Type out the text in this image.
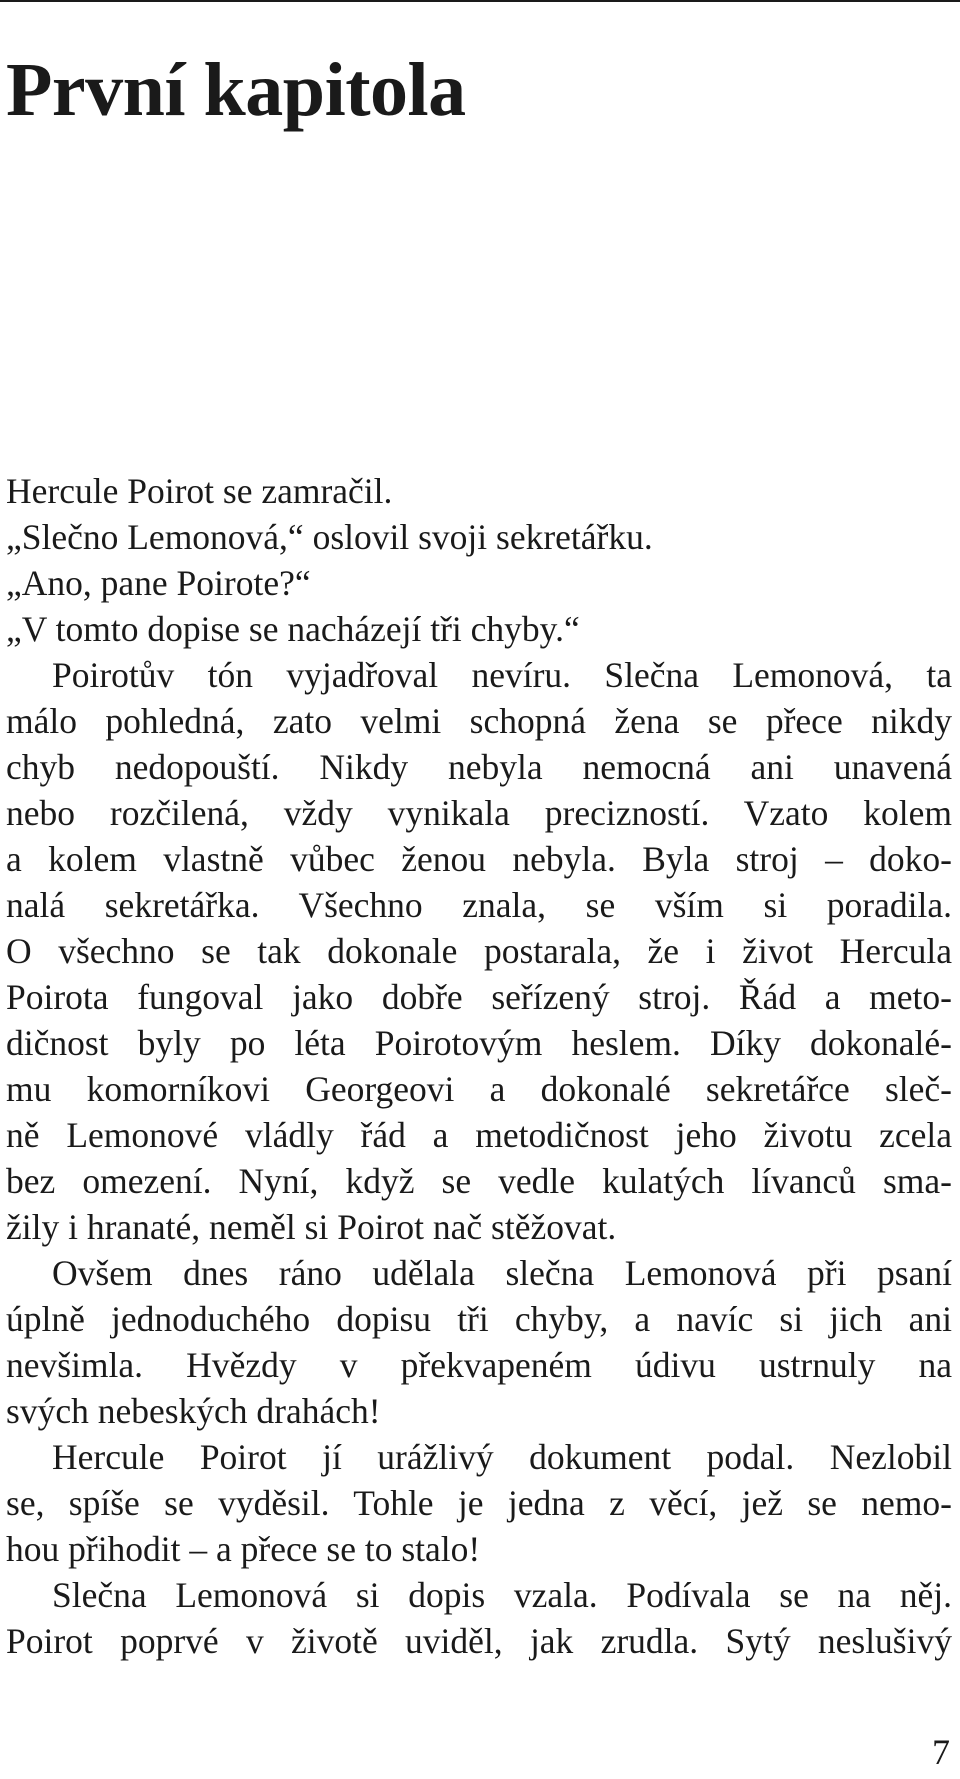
První kapitola
Hercule Poirot se zamračil.
„Slečno Lemonová,“ oslovil svoji sekretářku.
„Ano, pane Poirote?“
„V tomto dopise se nacházejí tři chyby.“
Poirotův tón vyjadřoval nevíru. Slečna Lemonová, ta
málo pohledná, zato velmi schopná žena se přece nikdy
chyb nedopouští. Nikdy nebyla nemocná ani unavená
nebo rozčilená, vždy vynikala precizností. Vzato kolem
a kolem vlastně vůbec ženou nebyla. Byla stroj – doko-
nalá sekretářka. Všechno znala, se vším si poradila.
O všechno se tak dokonale postarala, že i život Hercula
Poirota fungoval jako dobře seřízený stroj. Řád a meto-
dičnost byly po léta Poirotovým heslem. Díky dokonalé-
mu komorníkovi Georgeovi a dokonalé sekretářce sleč-
ně Lemonové vládly řád a metodičnost jeho životu zcela
bez omezení. Nyní, když se vedle kulatých lívanců sma-
žily i hranaté, neměl si Poirot nač stěžovat.
Ovšem dnes ráno udělala slečna Lemonová při psaní
úplně jednoduchého dopisu tři chyby, a navíc si jich ani
nevšimla. Hvězdy v překvapeném údivu ustrnuly na
svých nebeských drahách!
Hercule Poirot jí urážlivý dokument podal. Nezlobil
se, spíše se vyděsil. Tohle je jedna z věcí, jež se nemo-
hou přihodit – a přece se to stalo!
Slečna Lemonová si dopis vzala. Podívala se na něj.
Poirot poprvé v životě uviděl, jak zrudla. Sytý neslušivý
7
